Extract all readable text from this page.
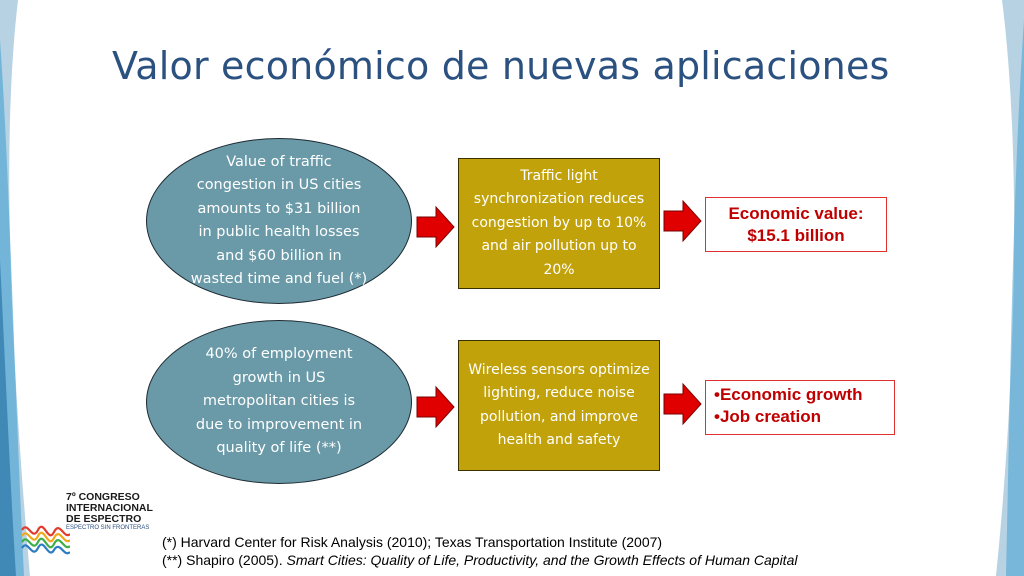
Valor económico de nuevas aplicaciones
Value of traffic congestion in US cities amounts to $31 billion in public health losses and $60 billion in wasted time and fuel (*)
Traffic light synchronization reduces congestion by up to 10% and air pollution up to 20%
Economic value: $15.1 billion
40% of employment growth in US metropolitan cities is due to improvement in quality of life (**)
Wireless sensors optimize lighting, reduce noise pollution, and improve health and safety
•Economic growth
•Job creation
7º CONGRESO
INTERNACIONAL
DE ESPECTRO
ESPECTRO SIN FRONTERAS
(*) Harvard Center for Risk Analysis (2010); Texas Transportation Institute (2007)
(**) Shapiro (2005). Smart Cities: Quality of Life, Productivity, and the Growth Effects of Human Capital
